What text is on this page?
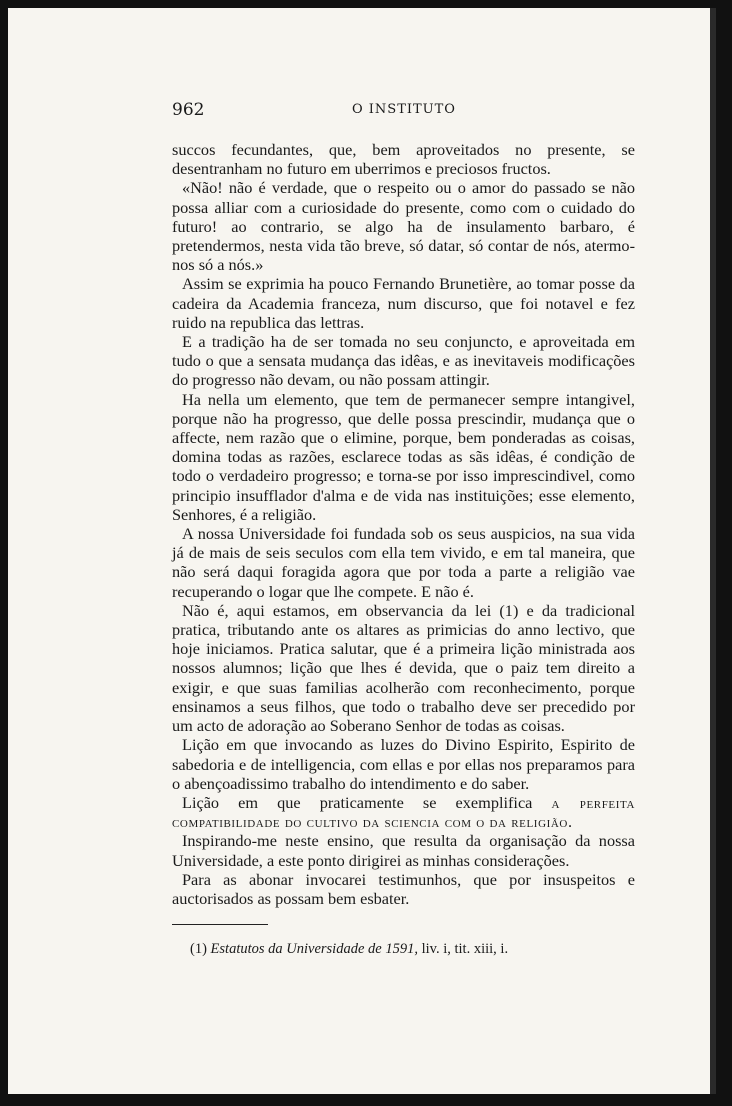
962	O INSTITUTO

succos fecundantes, que, bem aproveitados no presente, se desentranham no futuro em uberrimos e preciosos fructos.

«Não! não é verdade, que o respeito ou o amor do passado se não possa alliar com a curiosidade do presente, como com o cuidado do futuro! ao contrario, se algo ha de insulamento barbaro, é pretendermos, nesta vida tão breve, só datar, só contar de nós, atermo-nos só a nós.»

Assim se exprimia ha pouco Fernando Brunetière, ao tomar posse da cadeira da Academia franceza, num discurso, que foi notavel e fez ruido na republica das lettras.

E a tradição ha de ser tomada no seu conjuncto, e aproveitada em tudo o que a sensata mudança das idêas, e as inevitaveis modificações do progresso não devam, ou não possam attingir.

Ha nella um elemento, que tem de permanecer sempre intangivel, porque não ha progresso, que delle possa prescindir, mudança que o affecte, nem razão que o elimine, porque, bem ponderadas as coisas, domina todas as razões, esclarece todas as sãs idêas, é condição de todo o verdadeiro progresso; e torna-se por isso imprescindivel, como principio insufflador d'alma e de vida nas instituições; esse elemento, Senhores, é a religião.

A nossa Universidade foi fundada sob os seus auspicios, na sua vida já de mais de seis seculos com ella tem vivido, e em tal maneira, que não será daqui foragida agora que por toda a parte a religião vae recuperando o logar que lhe compete. E não é.

Não é, aqui estamos, em observancia da lei (1) e da tradicional pratica, tributando ante os altares as primicias do anno lectivo, que hoje iniciamos. Pratica salutar, que é a primeira lição ministrada aos nossos alumnos; lição que lhes é devida, que o paiz tem direito a exigir, e que suas familias acolherão com reconhecimento, porque ensinamos a seus filhos, que todo o trabalho deve ser precedido por um acto de adoração ao Soberano Senhor de todas as coisas.

Lição em que invocando as luzes do Divino Espirito, Espirito de sabedoria e de intelligencia, com ellas e por ellas nos preparamos para o abençoadissimo trabalho do intendimento e do saber.

Lição em que praticamente se exemplifica a perfeita compatibilidade do cultivo da sciencia com o da religião.

Inspirando-me neste ensino, que resulta da organisação da nossa Universidade, a este ponto dirigirei as minhas considerações.

Para as abonar invocarei testimunhos, que por insuspeitos e auctorisados as possam bem esbater.

(1) Estatutos da Universidade de 1591, liv. i, tit. xiii, i.
